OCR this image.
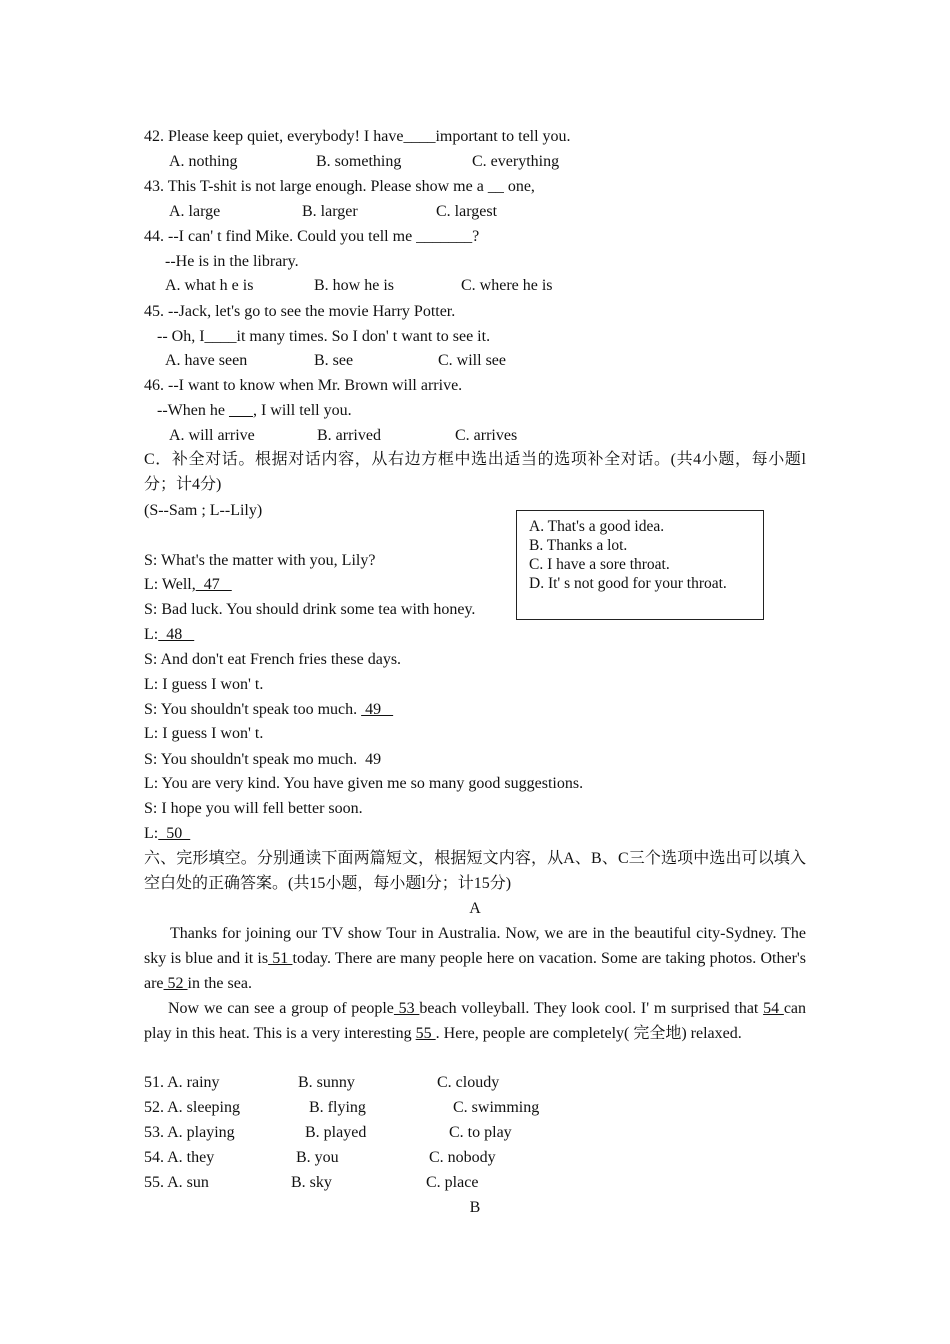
42. Please keep quiet, everybody! I have____important to tell you.
A. nothing	B. something	C. everything
43. This T-shit is not large enough. Please show me a __ one,
A. large	B. larger	C. largest
44. --I can' t find Mike. Could you tell me _______?
--He is in the library.
A. what h e is	B. how he is	C. where he is
45. --Jack, let's go to see the movie Harry Potter.
-- Oh, I____it many times. So I don' t want to see it.
A. have seen	B. see	C. will see
46. --I want to know when Mr. Brown will arrive.
--When he       , I will tell you.
A. will arrive	B. arrived	C. arrives
C．补全对话。根据对话内容，从右边方框中选出适当的选项补全对话。(共4小题，每小题l分；计4分)
(S--Sam ; L--Lily)
A. That's a good idea.
B. Thanks a lot.
C. I have a sore throat.
D. It' s not good for your throat.
S: What's the matter with you, Lily?
L: Well,  47
S: Bad luck. You should drink some tea with honey.
L:  48
S: And don't eat French fries these days.
L: I guess I won' t.
S: You shouldn't speak too much.  49
L: I guess I won' t.
S: You shouldn't speak mo much.  49
L: You are very kind. You have given me so many good suggestions.
S: I hope you will fell better soon.
L:  50
六、完形填空。分别通读下面两篇短文，根据短文内容，从A、B、C三个选项中选出可以填入空白处的正确答案。(共15小题，每小题l分；计15分)
A
Thanks for joining our TV show Tour in Australia. Now, we are in the beautiful city-Sydney. The sky is blue and it is 51 today. There are many people here on vacation. Some are taking photos. Other's are 52 in the sea.
Now we can see a group of people 53 beach volleyball. They look cool. I' m surprised that 54 can play in this heat. This is a very interesting 55 . Here, people are completely( 完全地) relaxed.
51. A. rainy	B. sunny	C. cloudy
52. A. sleeping	B. flying	C. swimming
53. A. playing	B. played	C. to play
54. A. they	B. you	C. nobody
55. A. sun	B. sky	C. place
B
